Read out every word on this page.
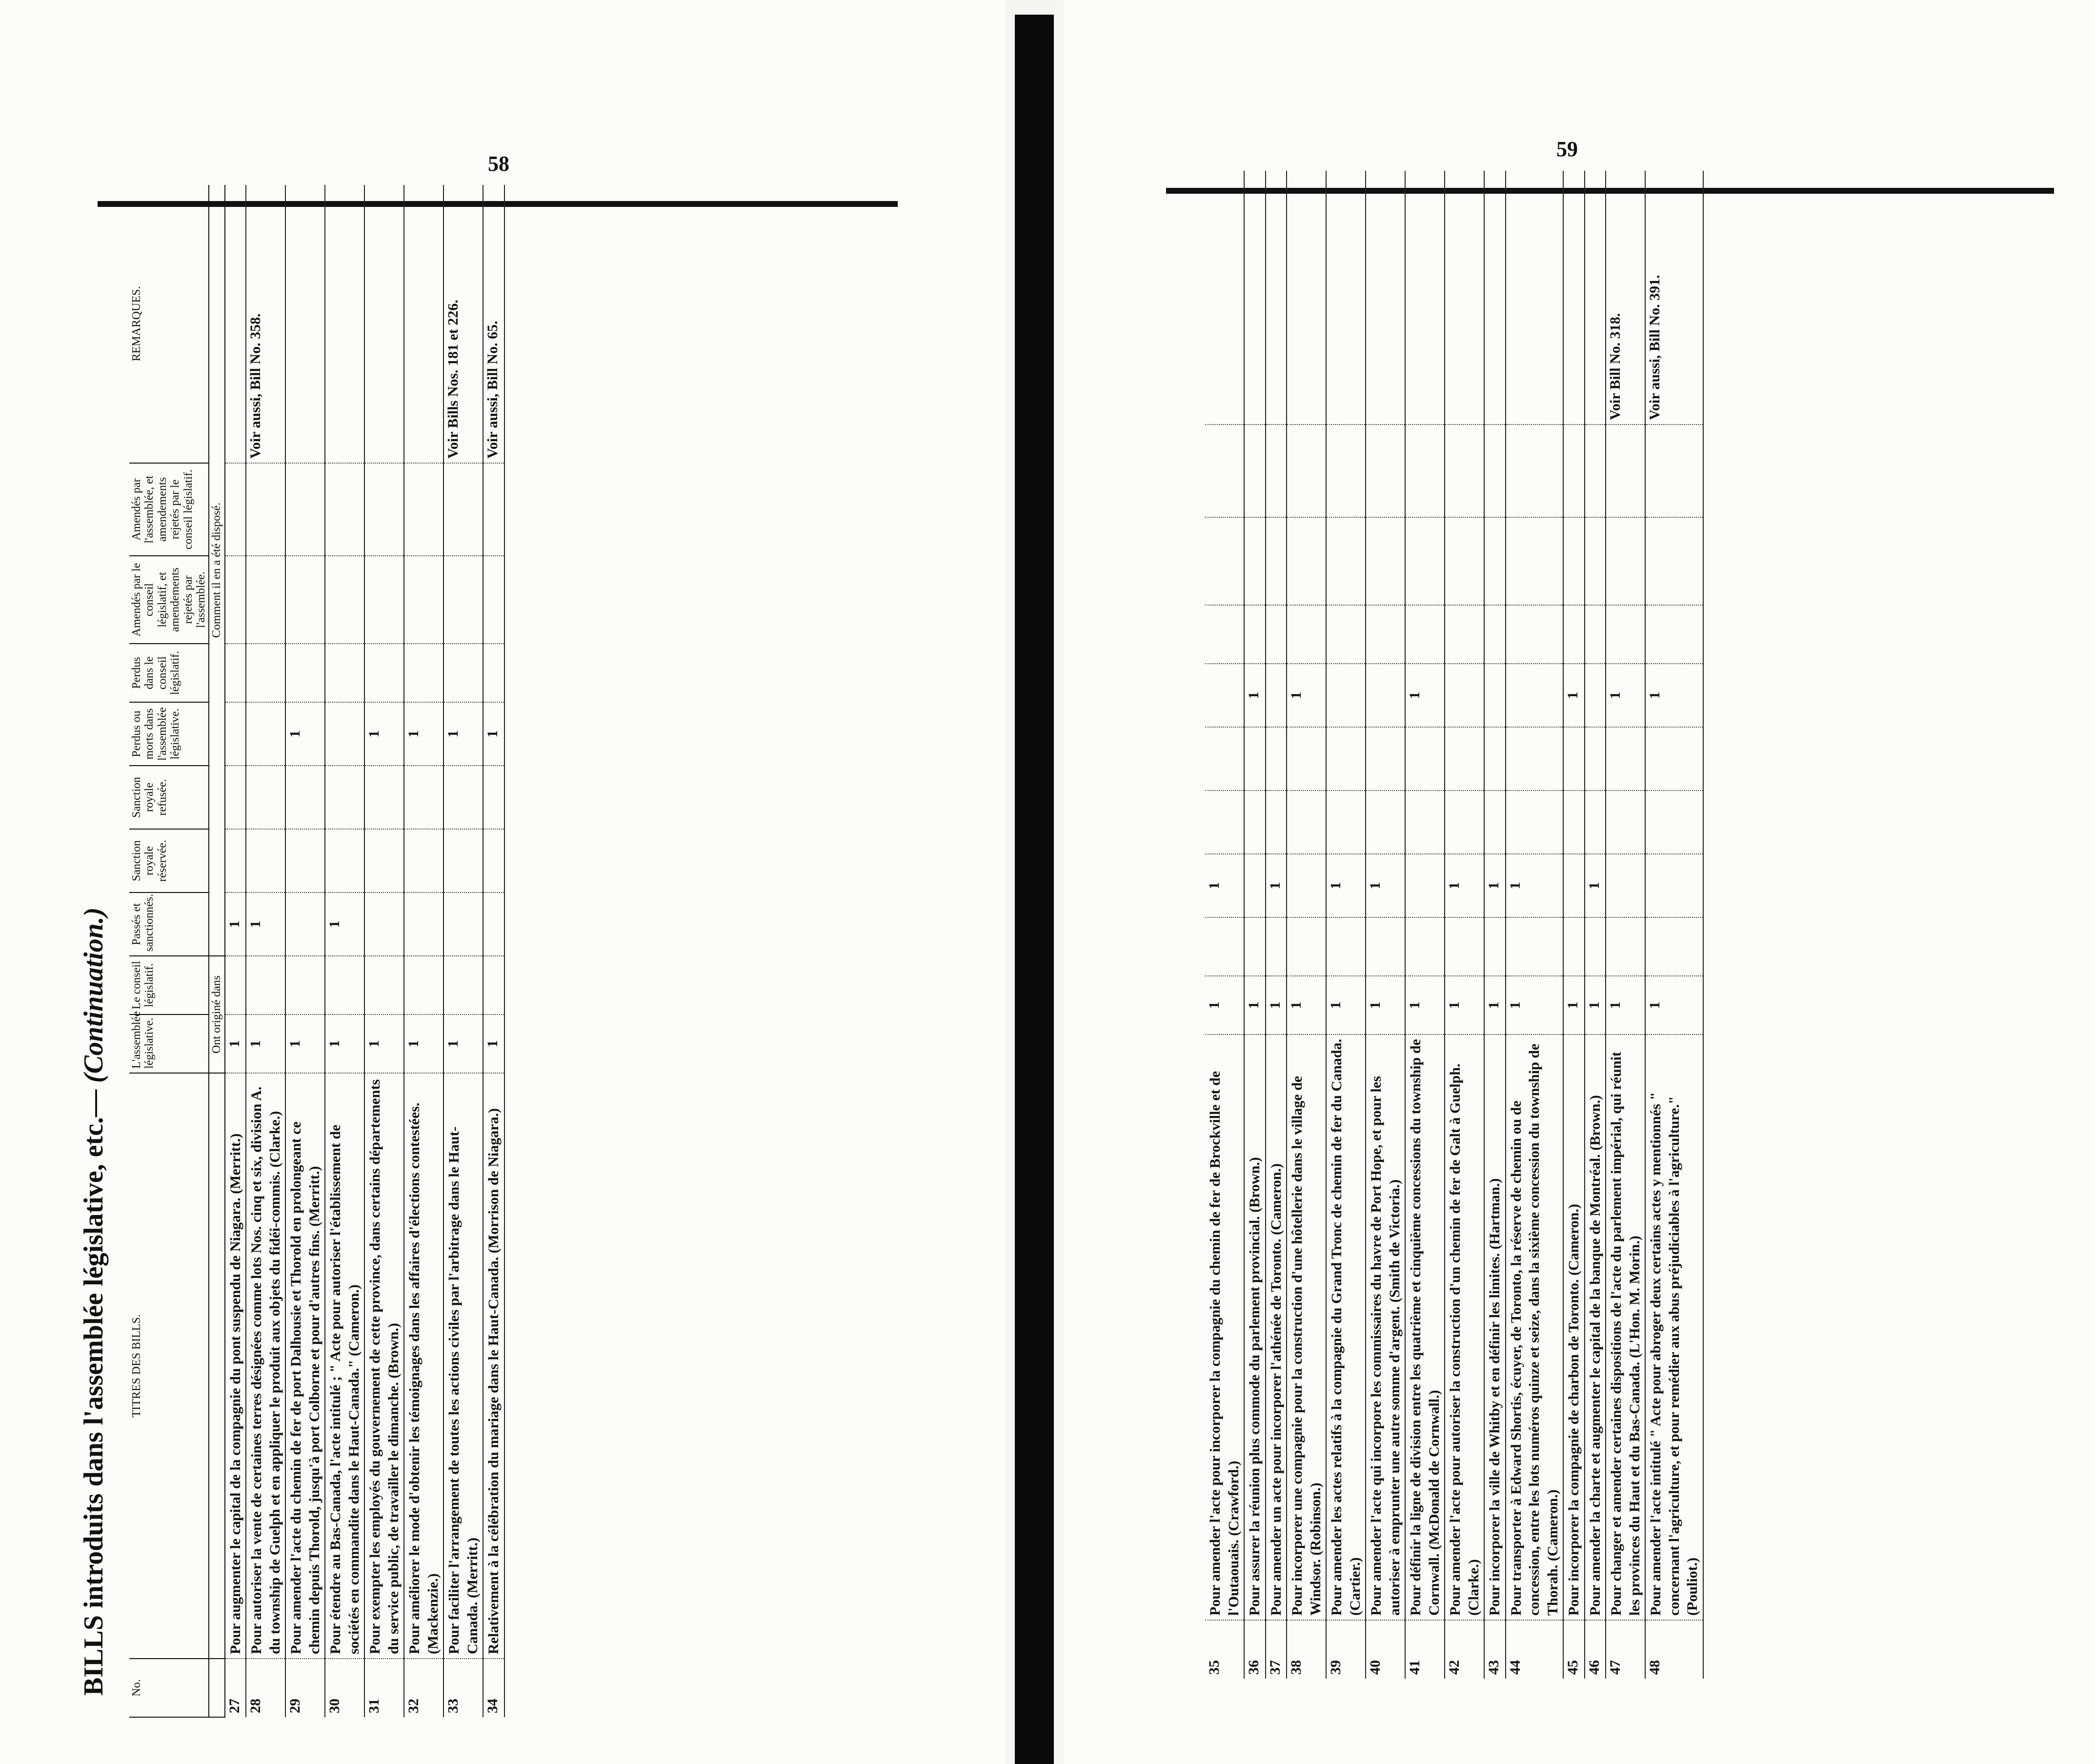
58
BILLS introduits dans l'assemblée législative, etc.— (Continuation.)
No.	TITRES DES BILLS.	L'assemblée législative.	Le conseil législatif.	Passés et sanctionnés.	Sanction royale réservée.	Sanction royale refusée.	Perdus ou morts dans l'assemblée législative.	Perdus dans le conseil législatif.	Amendés par le conseil législatif, et amendements rejetés par l'assemblée.	Amendés par l'assemblée, et amendements rejetés par le conseil législatif.	REMARQUES.
		Ont originé dans		Comment il en a été disposé.							
27	Pour augmenter le capital de la compagnie du pont suspendu de Niagara. (Merritt.)	1		1							
28	Pour autoriser la vente de certaines terres désignées comme lots Nos. cinq et six, division A. du township de Guelph et en appliquer le produit aux objets du fidéi-commis. (Clarke.)	1		1							Voir aussi, Bill No. 358.
29	Pour amender l'acte du chemin de fer de port Dalhousie et Thorold en prolongeant ce chemin depuis Thorold, jusqu'à port Colborne et pour d'autres fins. (Merritt.)	1					1				
30	Pour étendre au Bas-Canada, l'acte intitulé ; " Acte pour autoriser l'établissement de sociétés en commandite dans le Haut-Canada." (Cameron.)	1		1							
31	Pour exempter les employés du gouvernement de cette province, dans certains départements du service public, de travailler le dimanche. (Brown.)	1					1				
32	Pour améliorer le mode d'obtenir les témoignages dans les affaires d'élections contestées. (Mackenzie.)	1					1				
33	Pour faciliter l'arrangement de toutes les actions civiles par l'arbitrage dans le Haut-Canada. (Merritt.)	1					1				Voir Bills Nos. 181 et 226.
34	Relativement à la célébration du mariage dans le Haut-Canada. (Morrison de Niagara.)	1					1				Voir aussi, Bill No. 65.
59
35	Pour amender l'acte pour incorporer la compagnie du chemin de fer de Brockville et de l'Outaouais. (Crawford.)	1		1							
36	Pour assurer la réunion plus commode du parlement provincial. (Brown.)	1					1				
37	Pour amender un acte pour incorporer l'athénée de Toronto. (Cameron.)	1		1							
38	Pour incorporer une compagnie pour la construction d'une hôtellerie dans le village de Windsor. (Robinson.)	1					1				
39	Pour amender les actes relatifs à la compagnie du Grand Tronc de chemin de fer du Canada. (Cartier.)	1		1							
40	Pour amender l'acte qui incorpore les commissaires du havre de Port Hope, et pour les autoriser à emprunter une autre somme d'argent. (Smith de Victoria.)	1		1							
41	Pour définir la ligne de division entre les quatrième et cinquième concessions du township de Cornwall. (McDonald de Cornwall.)	1					1				
42	Pour amender l'acte pour autoriser la construction d'un chemin de fer de Galt à Guelph. (Clarke.)	1		1							
43	Pour incorporer la ville de Whitby et en définir les limites. (Hartman.)	1		1							
44	Pour transporter à Edward Shortis, écuyer, de Toronto, la réserve de chemin ou de concession, entre les lots numéros quinze et seize, dans la sixième concession du township de Thorah. (Cameron.)	1		1							
45	Pour incorporer la compagnie de charbon de Toronto. (Cameron.)	1					1				
46	Pour amender la charte et augmenter le capital de la banque de Montréal. (Brown.)	1		1							
47	Pour changer et amender certaines dispositions de l'acte du parlement impérial, qui réunit les provinces du Haut et du Bas-Canada. (L'Hon. M. Morin.)	1					1				Voir Bill No. 318.
48	Pour amender l'acte intitulé " Acte pour abroger deux certains actes y mentionnés " concernant l'agriculture, et pour remédier aux abus préjudiciables à l'agriculture." (Pouliot.)	1					1				Voir aussi, Bill No. 391.
